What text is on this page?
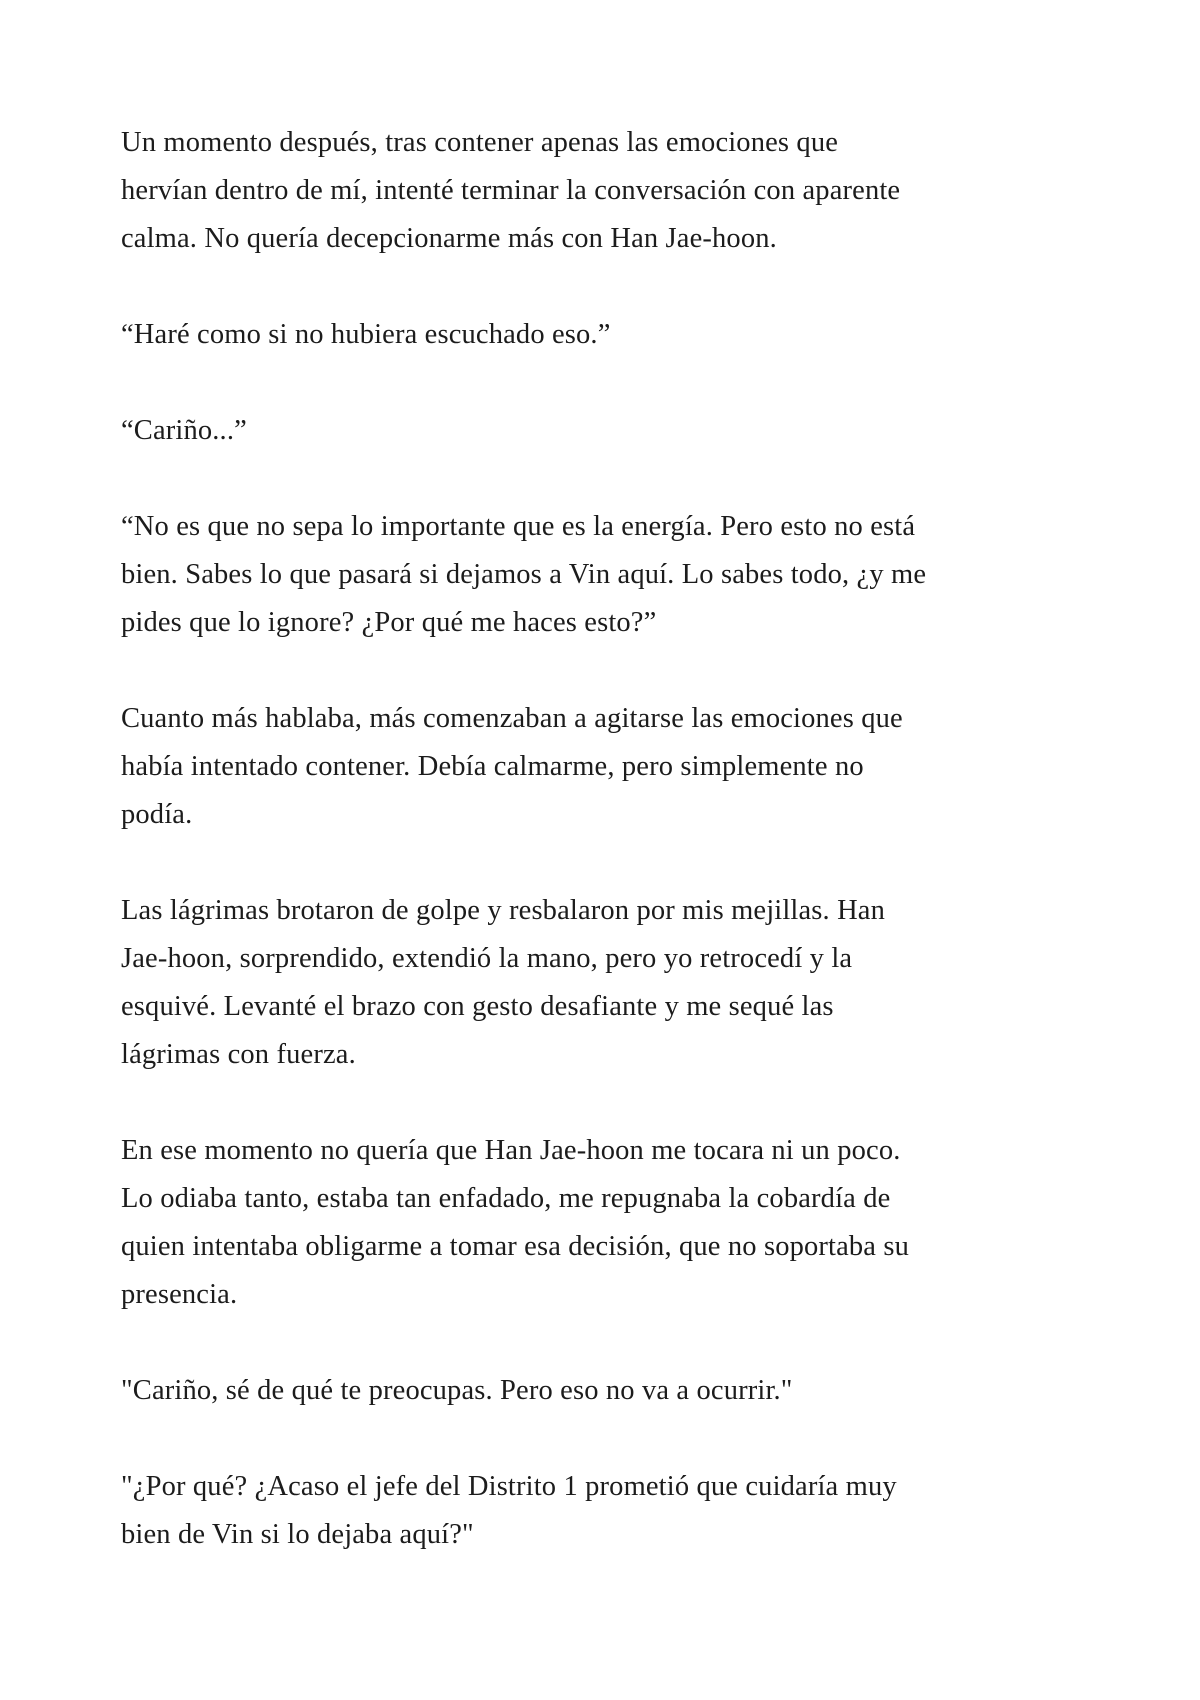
Un momento después, tras contener apenas las emociones que
hervían dentro de mí, intenté terminar la conversación con aparente
calma. No quería decepcionarme más con Han Jae-hoon.

“Haré como si no hubiera escuchado eso.”

“Cariño...”

“No es que no sepa lo importante que es la energía. Pero esto no está
bien. Sabes lo que pasará si dejamos a Vin aquí. Lo sabes todo, ¿y me
pides que lo ignore? ¿Por qué me haces esto?”

Cuanto más hablaba, más comenzaban a agitarse las emociones que
había intentado contener. Debía calmarme, pero simplemente no
podía.

Las lágrimas brotaron de golpe y resbalaron por mis mejillas. Han
Jae-hoon, sorprendido, extendió la mano, pero yo retrocedí y la
esquivé. Levanté el brazo con gesto desafiante y me sequé las
lágrimas con fuerza.

En ese momento no quería que Han Jae-hoon me tocara ni un poco.
Lo odiaba tanto, estaba tan enfadado, me repugnaba la cobardía de
quien intentaba obligarme a tomar esa decisión, que no soportaba su
presencia.

"Cariño, sé de qué te preocupas. Pero eso no va a ocurrir."

"¿Por qué? ¿Acaso el jefe del Distrito 1 prometió que cuidaría muy
bien de Vin si lo dejaba aquí?"
